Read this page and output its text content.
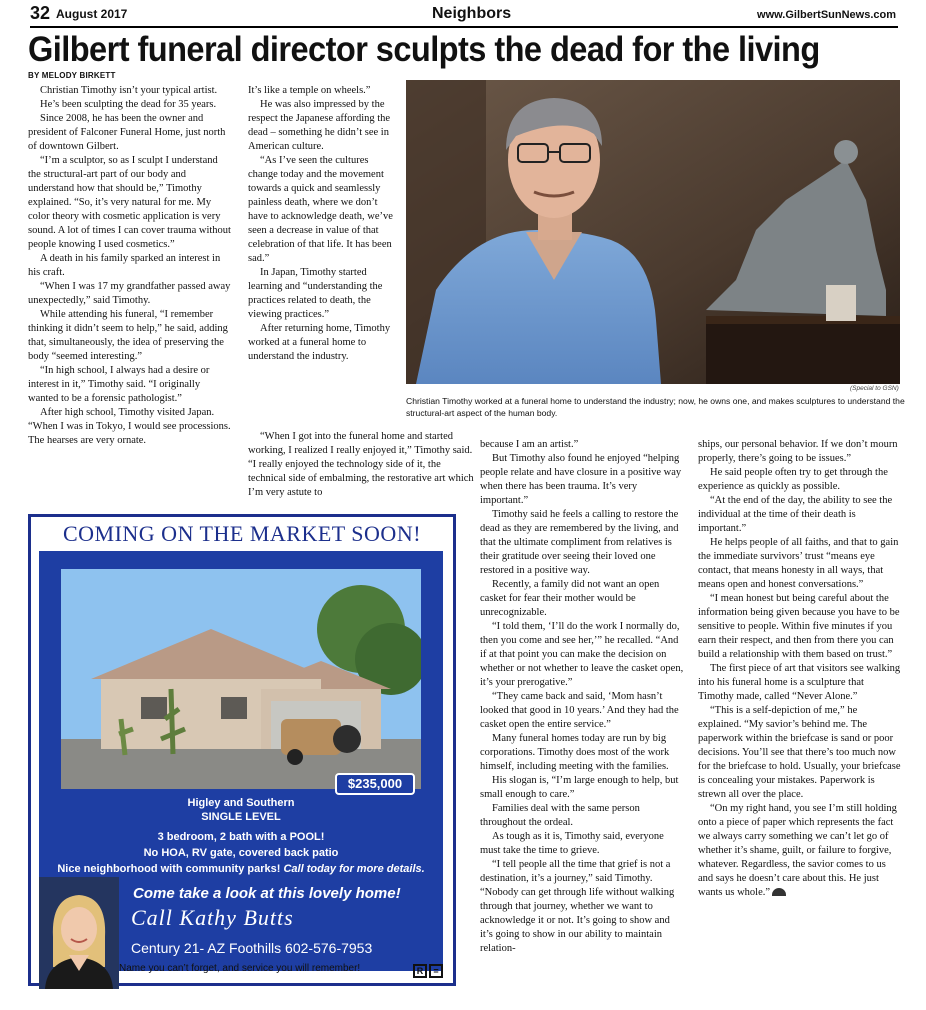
32 August 2017	Neighbors	www.GilbertSunNews.com
Gilbert funeral director sculpts the dead for the living
BY MELODY BIRKETT

Christian Timothy isn’t your typical artist.

He’s been sculpting the dead for 35 years.

Since 2008, he has been the owner and president of Falconer Funeral Home, just north of downtown Gilbert.

“I’m a sculptor, so as I sculpt I understand the structural-art part of our body and understand how that should be,” Timothy explained. “So, it’s very natural for me. My color theory with cosmetic application is very sound. A lot of times I can cover trauma without people knowing I used cosmetics.”

A death in his family sparked an interest in his craft.

“When I was 17 my grandfather passed away unexpectedly,” said Timothy.

While attending his funeral, “I remember thinking it didn’t seem to help,” he said, adding that, simultaneously, the idea of preserving the body “seemed interesting.”

“In high school, I always had a desire or interest in it,” Timothy said. “I originally wanted to be a forensic pathologist.”

After high school, Timothy visited Japan. “When I was in Tokyo, I would see processions. The hearses are very ornate.

It’s like a temple on wheels.”

He was also impressed by the respect the Japanese affording the dead – something he didn’t see in American culture.

“As I’ve seen the cultures change today and the movement towards a quick and seamlessly painless death, where we don’t have to acknowledge death, we’ve seen a decrease in value of that celebration of that life. It has been sad.”

In Japan, Timothy started learning and “understanding the practices related to death, the viewing practices.”

After returning home, Timothy worked at a funeral home to understand the industry.

“When I got into the funeral home and started working, I realized I really enjoyed it,” Timothy said. “I really enjoyed the technology side of it, the technical side of embalming, the restorative art which I’m very astute to

(Special to GSN)
Christian Timothy worked at a funeral home to understand the industry; now, he owns one, and makes sculptures to understand the structural-art aspect of the human body.

because I am an artist.”

But Timothy also found he enjoyed “helping people relate and have closure in a positive way when there has been trauma. It’s very important.”

Timothy said he feels a calling to restore the dead as they are remembered by the living, and that the ultimate compliment from relatives is their gratitude over seeing their loved one restored in a positive way.

Recently, a family did not want an open casket for fear their mother would be unrecognizable.

“I told them, ‘I’ll do the work I normally do, then you come and see her,’” he recalled. “And if at that point you can make the decision on whether or not whether to leave the casket open, it’s your prerogative.”

“They came back and said, ‘Mom hasn’t looked that good in 10 years.’ And they had the casket open the entire service.”

Many funeral homes today are run by big corporations. Timothy does most of the work himself, including meeting with the families.

His slogan is, “I’m large enough to help, but small enough to care.”

Families deal with the same person throughout the ordeal.

As tough as it is, Timothy said, everyone must take the time to grieve.

“I tell people all the time that grief is not a destination, it’s a journey,” said Timothy. “Nobody can get through life without walking through that journey, whether we want to acknowledge it or not. It’s going to show and it’s going to show in our ability to maintain relation-

ships, our personal behavior. If we don’t mourn properly, there’s going to be issues.”

He said people often try to get through the experience as quickly as possible.

“At the end of the day, the ability to see the individual at the time of their death is important.”

He helps people of all faiths, and that to gain the immediate survivors’ trust “means eye contact, that means honesty in all ways, that means open and honest conversations.”

“I mean honest but being careful about the information being given because you have to be sensitive to people. Within five minutes if you earn their respect, and then from there you can build a relationship with them based on trust.”

The first piece of art that visitors see walking into his funeral home is a sculpture that Timothy made, called “Never Alone.”

“This is a self-depiction of me,” he explained. “My savior’s behind me. The paperwork within the briefcase is sand or poor decisions. You’ll see that there’s too much now for the briefcase to hold. Usually, your briefcase is concealing your mistakes. Paperwork is strewn all over the place.

“On my right hand, you see I’m still holding onto a piece of paper which represents the fact we always carry something we can’t let go of whether it’s shame, guilt, or failure to forgive, whatever. Regardless, the savior comes to us and says he doesn’t care about this. He just wants us whole.”

COMING ON THE MARKET SOON!
$235,000
Higley and Southern
SINGLE LEVEL
3 bedroom, 2 bath with a POOL!
No HOA, RV gate, covered back patio
Nice neighborhood with community parks! Call today for more details.
Come take a look at this lovely home!
Call Kathy Butts
Century 21- AZ Foothills 602-576-7953
Name you can’t forget, and service you will remember!	R =
